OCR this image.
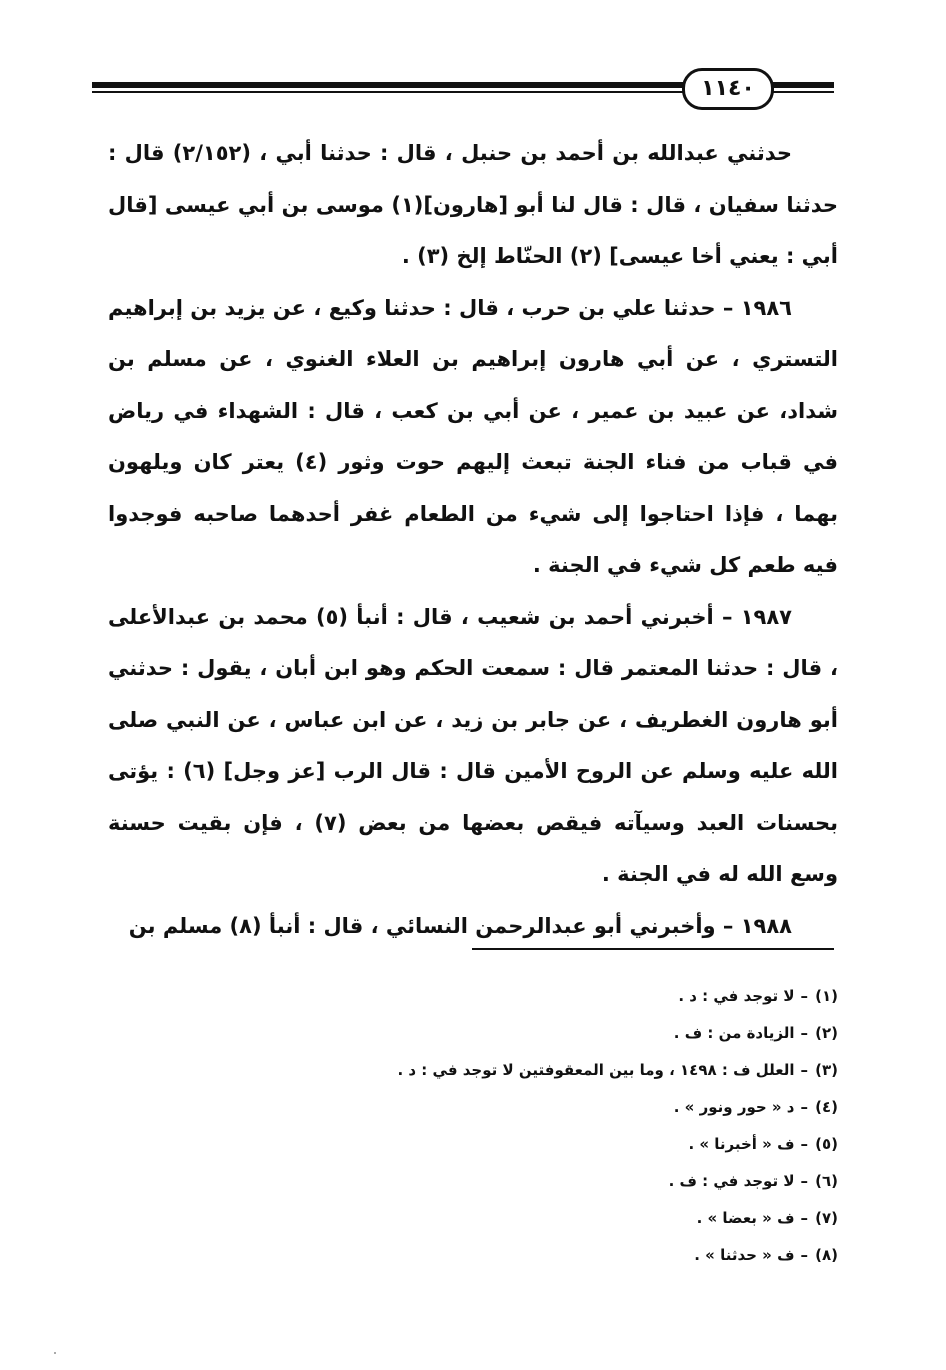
١١٤٠

حدثني عبدالله بن أحمد بن حنبل ، قال : حدثنا أبي ، (٢/١٥٢) قال : حدثنا سفيان ، قال : قال لنا أبو [هارون](١) موسى بن أبي عيسى [قال أبي : يعني أخا عيسى] (٢) الحنّاط إلخ (٣) .

١٩٨٦ – حدثنا علي بن حرب ، قال : حدثنا وكيع ، عن يزيد بن إبراهيم التستري ، عن أبي هارون إبراهيم بن العلاء الغنوي ، عن مسلم بن شداد، عن عبيد بن عمير ، عن أبي بن كعب ، قال : الشهداء في رياض في قباب من فناء الجنة تبعث إليهم حوت وثور (٤) يعتر كان ويلهون بهما ، فإذا احتاجوا إلى شيء من الطعام غفر أحدهما صاحبه فوجدوا فيه طعم كل شيء في الجنة .

١٩٨٧ – أخبرني أحمد بن شعيب ، قال : أنبأ (٥) محمد بن عبدالأعلى ، قال : حدثنا المعتمر قال : سمعت الحكم وهو ابن أبان ، يقول : حدثني أبو هارون الغطريف ، عن جابر بن زيد ، عن ابن عباس ، عن النبي صلى الله عليه وسلم عن الروح الأمين قال : قال الرب [عز وجل] (٦) : يؤتى بحسنات العبد وسيآته فيقص بعضها من بعض (٧) ، فإن بقيت حسنة وسع الله له في الجنة .

١٩٨٨ – وأخبرني أبو عبدالرحمن النسائي ، قال : أنبأ (٨) مسلم بن

(١)–لا توجد في : د .
(٢)–الزيادة من : ف .
(٣)–العلل ف : ١٤٩٨ ، وما بين المعقوفتين لا توجد في : د .
(٤)–د « حور ونور » .
(٥)–ف « أخبرنا » .
(٦)–لا توجد في : ف .
(٧)–ف « بعضا » .
(٨)–ف « حدثنا » .
